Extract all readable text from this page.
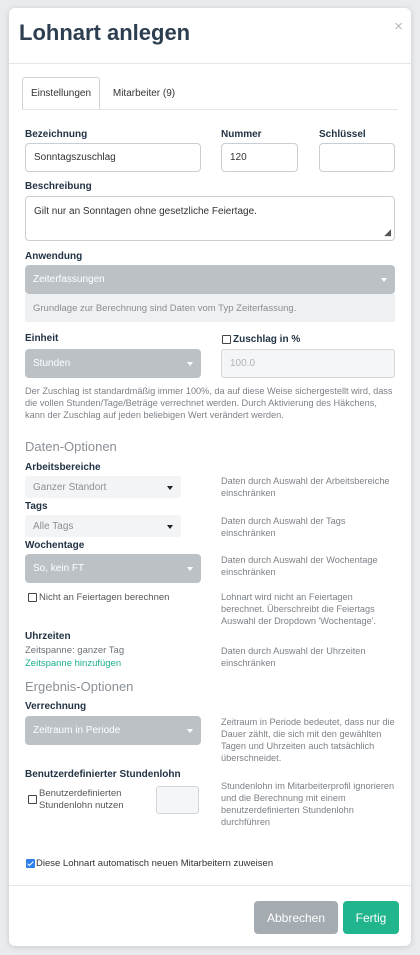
Lohnart anlegen	×
Einstellungen	Mitarbeiter (9)
Bezeichnung	Nummer	Schlüssel
Sonntagszuschlag	120
Beschreibung
Gilt nur an Sonntagen ohne gesetzliche Feiertage.
◢
Anwendung
Zeiterfassungen
Grundlage zur Berechnung sind Daten vom Typ Zeiterfassung.
Einheit
Stunden
Zuschlag in %
100.0
Der Zuschlag ist standardmäßig immer 100%, da auf diese Weise sichergestellt wird, dass die vollen Stunden/Tage/Beträge verrechnet werden. Durch Aktivierung des Häkchens, kann der Zuschlag auf jeden beliebigen Wert verändert werden.
Daten-Optionen
Arbeitsbereiche
Ganzer Standort
Daten durch Auswahl der Arbeitsbereiche einschränken
Tags
Alle Tags	Daten durch Auswahl der Tags einschränken
Wochentage
So, kein FT
Daten durch Auswahl der Wochentage einschränken
Nicht an Feiertagen berechnen	Lohnart wird nicht an Feiertagen berechnet. Überschreibt die Feiertags Auswahl der Dropdown 'Wochentage'.
Uhrzeiten
Zeitspanne: ganzer Tag
Zeitspanne hinzufügen
Daten durch Auswahl der Uhrzeiten einschränken
Ergebnis-Optionen
Verrechnung
Zeitraum in Periode
Zeitraum in Periode bedeutet, dass nur die Dauer zählt, die sich mit den gewählten Tagen und Uhrzeiten auch tatsächlich überschneidet.
Benutzerdefinierter Stundenlohn
Benutzerdefinierten
Stundenlohn nutzen
Stundenlohn im Mitarbeiterprofil ignorieren und die Berechnung mit einem benutzerdefinierten Stundenlohn durchführen
Diese Lohnart automatisch neuen Mitarbeitern zuweisen
Abbrechen	Fertig
